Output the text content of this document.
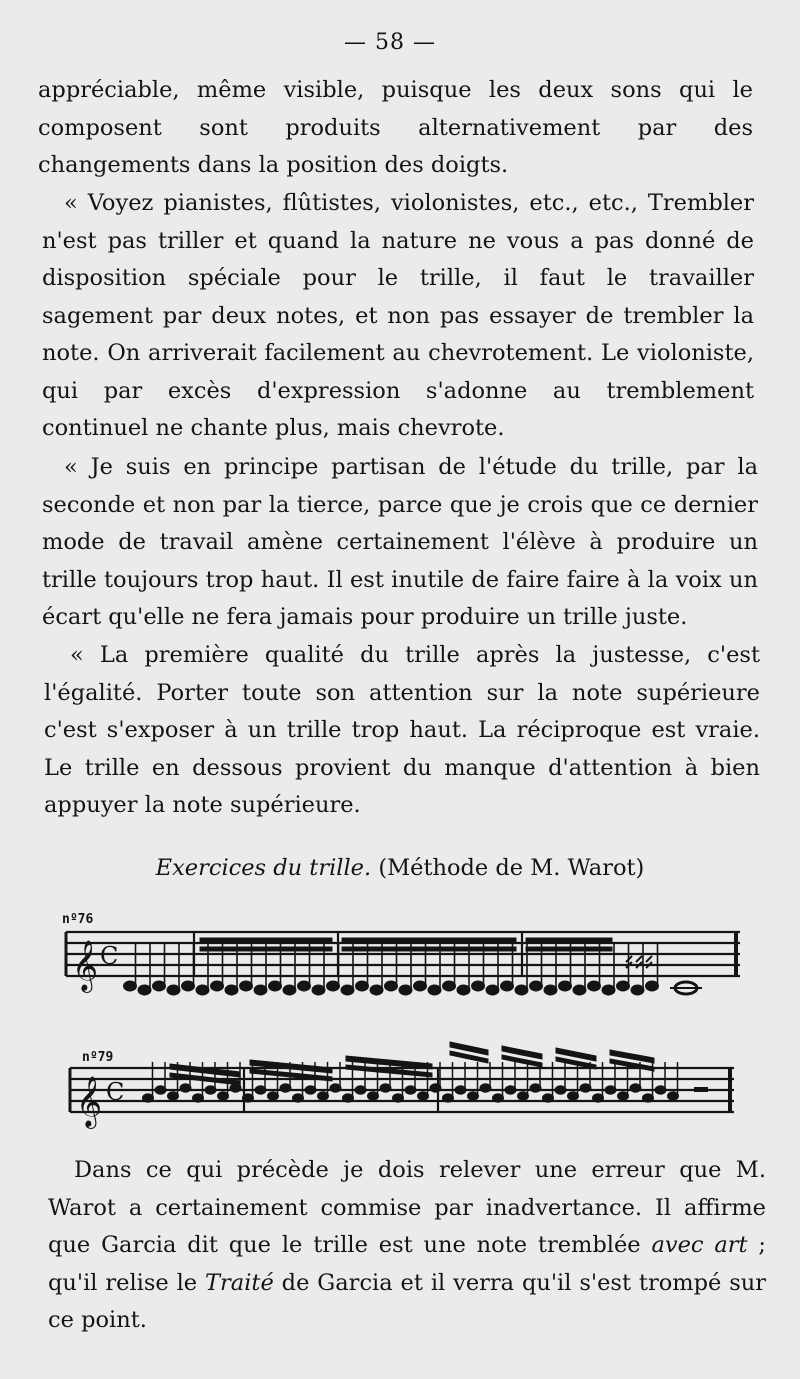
— 58 —

appréciable, même visible, puisque les deux sons qui le composent sont produits alternativement par des changements dans la position des doigts.

« Voyez pianistes, flûtistes, violonistes, etc., etc., Trembler n'est pas triller et quand la nature ne vous a pas donné de disposition spéciale pour le trille, il faut le travailler sagement par deux notes, et non pas essayer de trembler la note. On arriverait facilement au chevrotement. Le violoniste, qui par excès d'expression s'adonne au tremblement continuel ne chante plus, mais chevrote.

« Je suis en principe partisan de l'étude du trille, par la seconde et non par la tierce, parce que je crois que ce dernier mode de travail amène certainement l'élève à produire un trille toujours trop haut. Il est inutile de faire faire à la voix un écart qu'elle ne fera jamais pour produire un trille juste.

« La première qualité du trille après la justesse, c'est l'égalité. Porter toute son attention sur la note supérieure c'est s'exposer à un trille trop haut. La réciproque est vraie. Le trille en dessous provient du manque d'attention à bien appuyer la note supérieure.

Exercices du trille. (Méthode de M. Warot)
nº76
𝄞 C
nº79
𝄞 C

Dans ce qui précède je dois relever une erreur que M. Warot a certainement commise par inadvertance. Il affirme que Garcia dit que le trille est une note tremblée avec art ; qu'il relise le Traité de Garcia et il verra qu'il s'est trompé sur ce point.
